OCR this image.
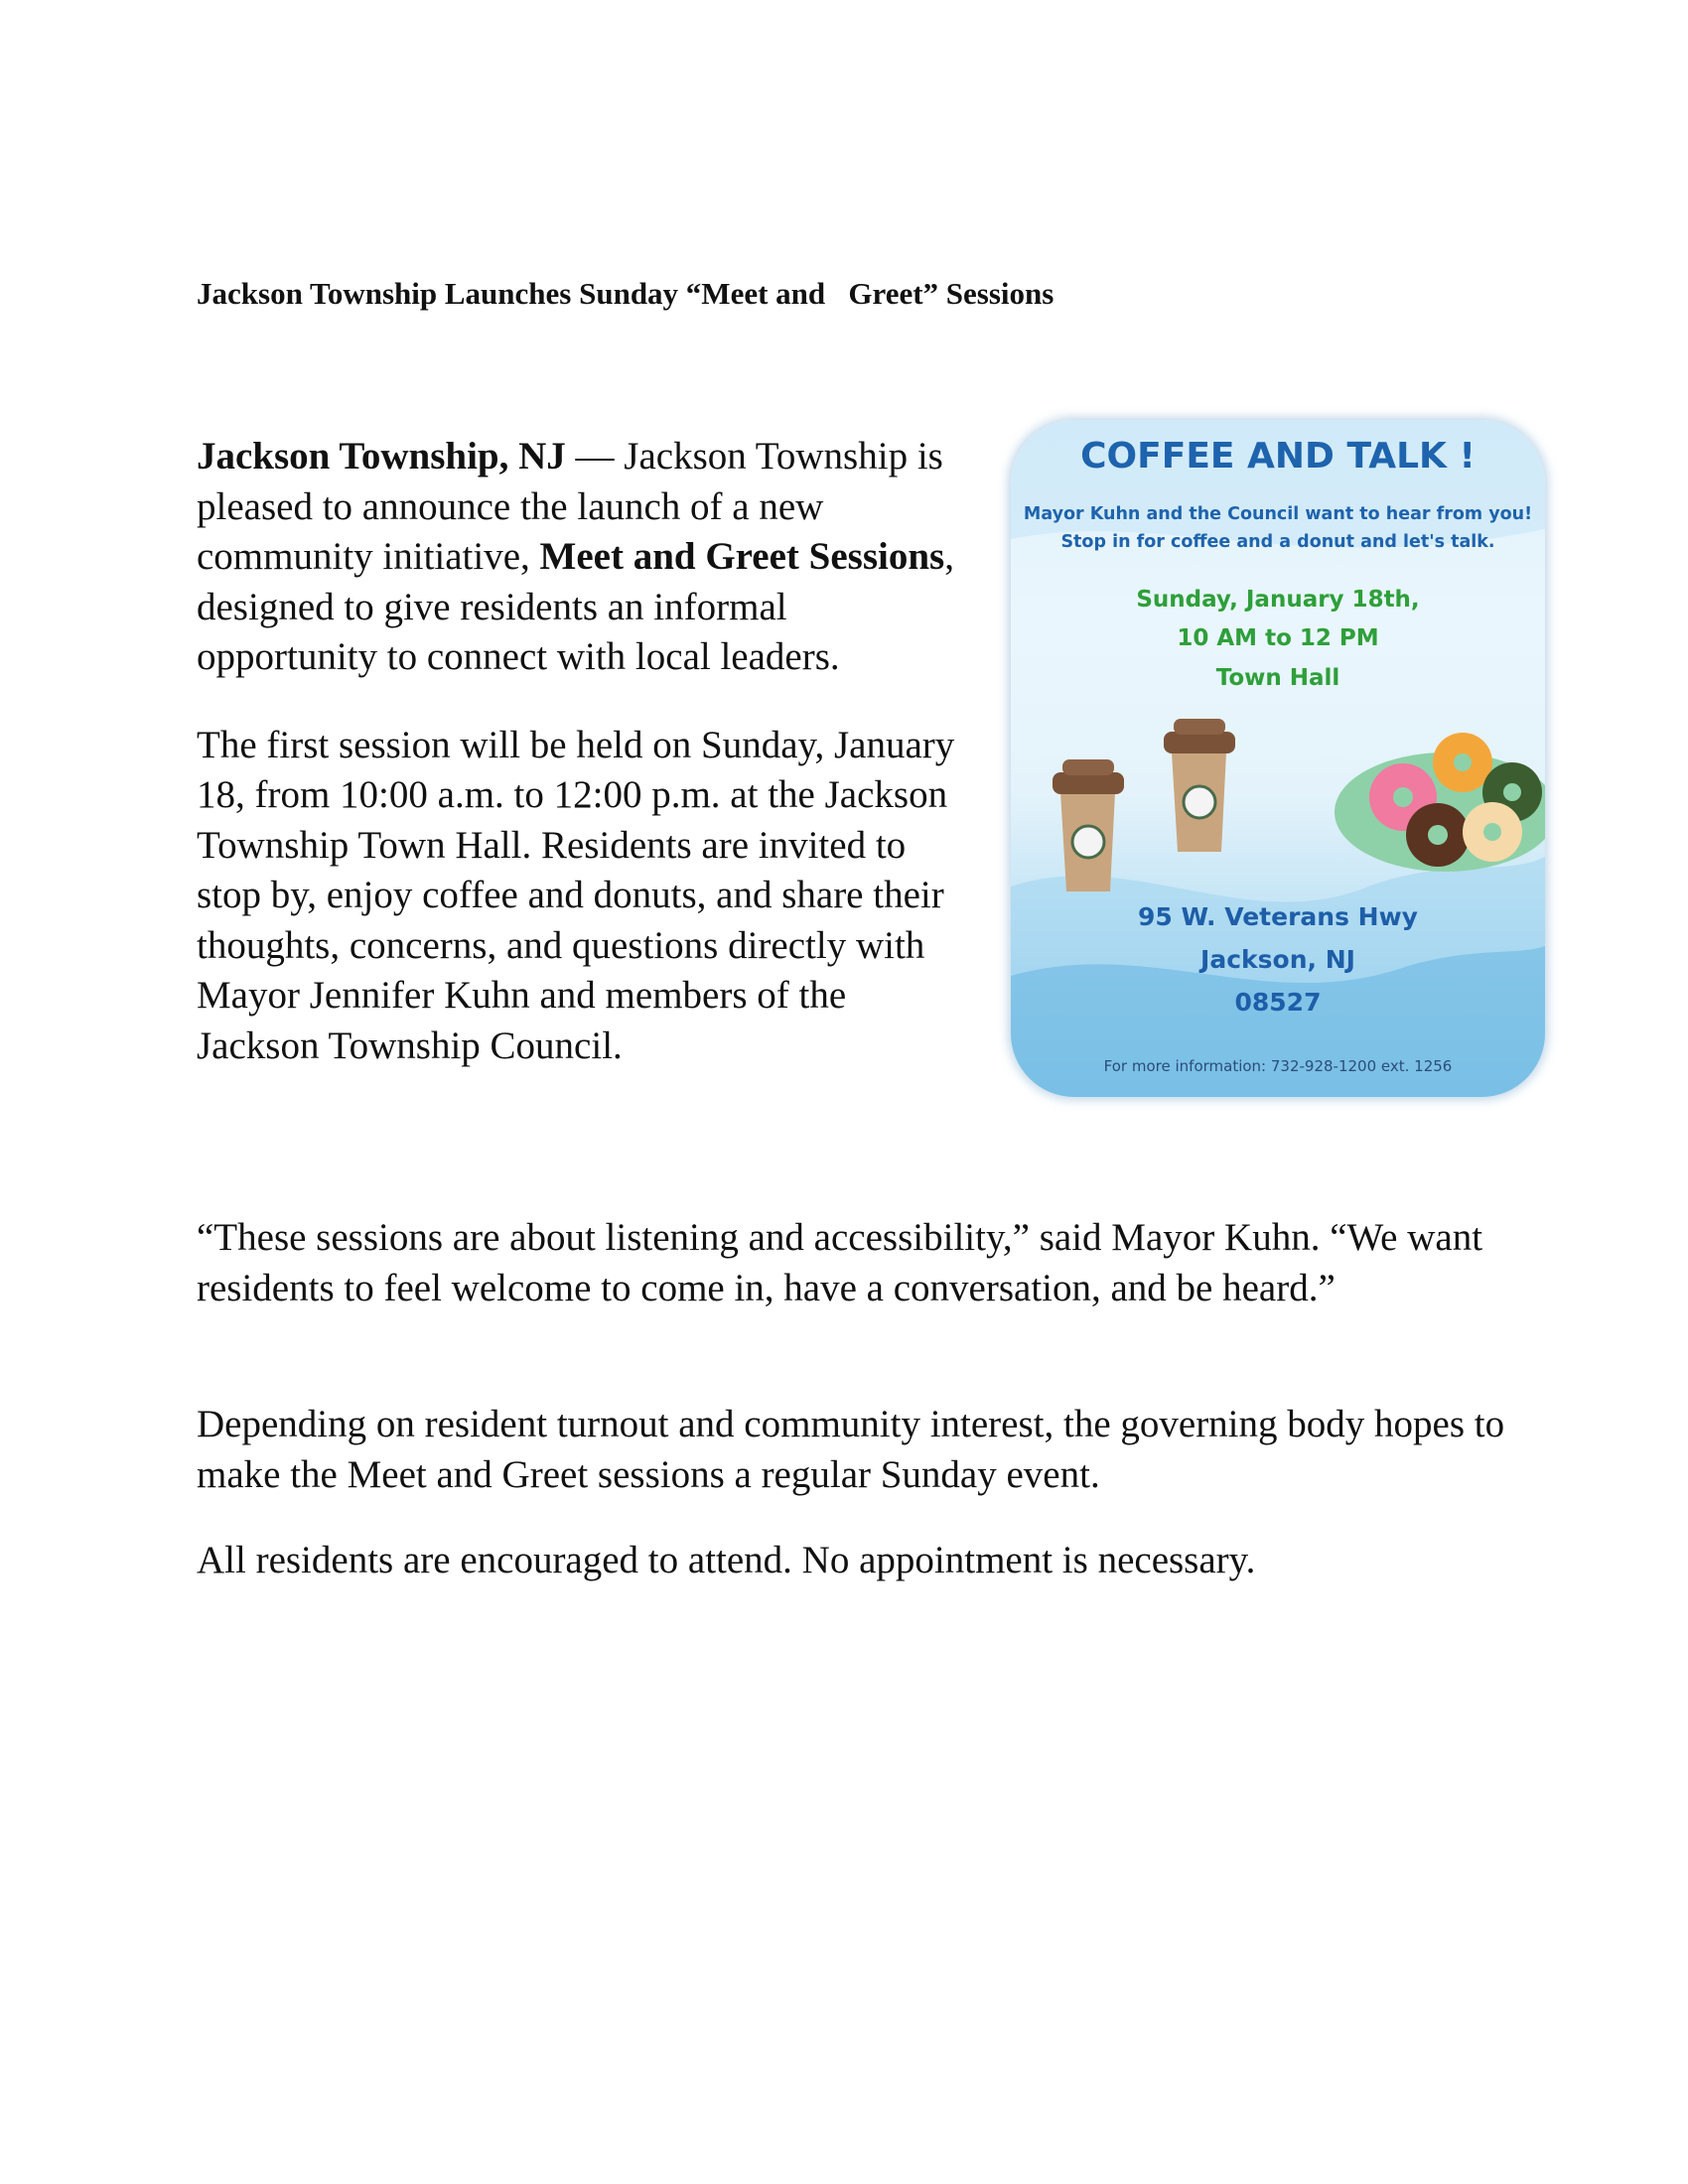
Jackson Township Launches Sunday “Meet and   Greet” Sessions

Jackson Township, NJ — Jackson Township is pleased to announce the launch of a new community initiative, Meet and Greet Sessions, designed to give residents an informal opportunity to connect with local leaders.

The first session will be held on Sunday, January 18, from 10:00 a.m. to 12:00 p.m. at the Jackson Township Town Hall. Residents are invited to stop by, enjoy coffee and donuts, and share their thoughts, concerns, and questions directly with Mayor Jennifer Kuhn and members of the Jackson Township Council.

COFFEE AND TALK !
Mayor Kuhn and the Council want to hear from you!
Stop in for coffee and a donut and let's talk.
Sunday, January 18th,
10 AM to 12 PM
Town Hall
95 W. Veterans Hwy
Jackson, NJ
08527
For more information: 732-928-1200 ext. 1256

“These sessions are about listening and accessibility,” said Mayor Kuhn. “We want residents to feel welcome to come in, have a conversation, and be heard.”

Depending on resident turnout and community interest, the governing body hopes to make the Meet and Greet sessions a regular Sunday event.

All residents are encouraged to attend. No appointment is necessary.
